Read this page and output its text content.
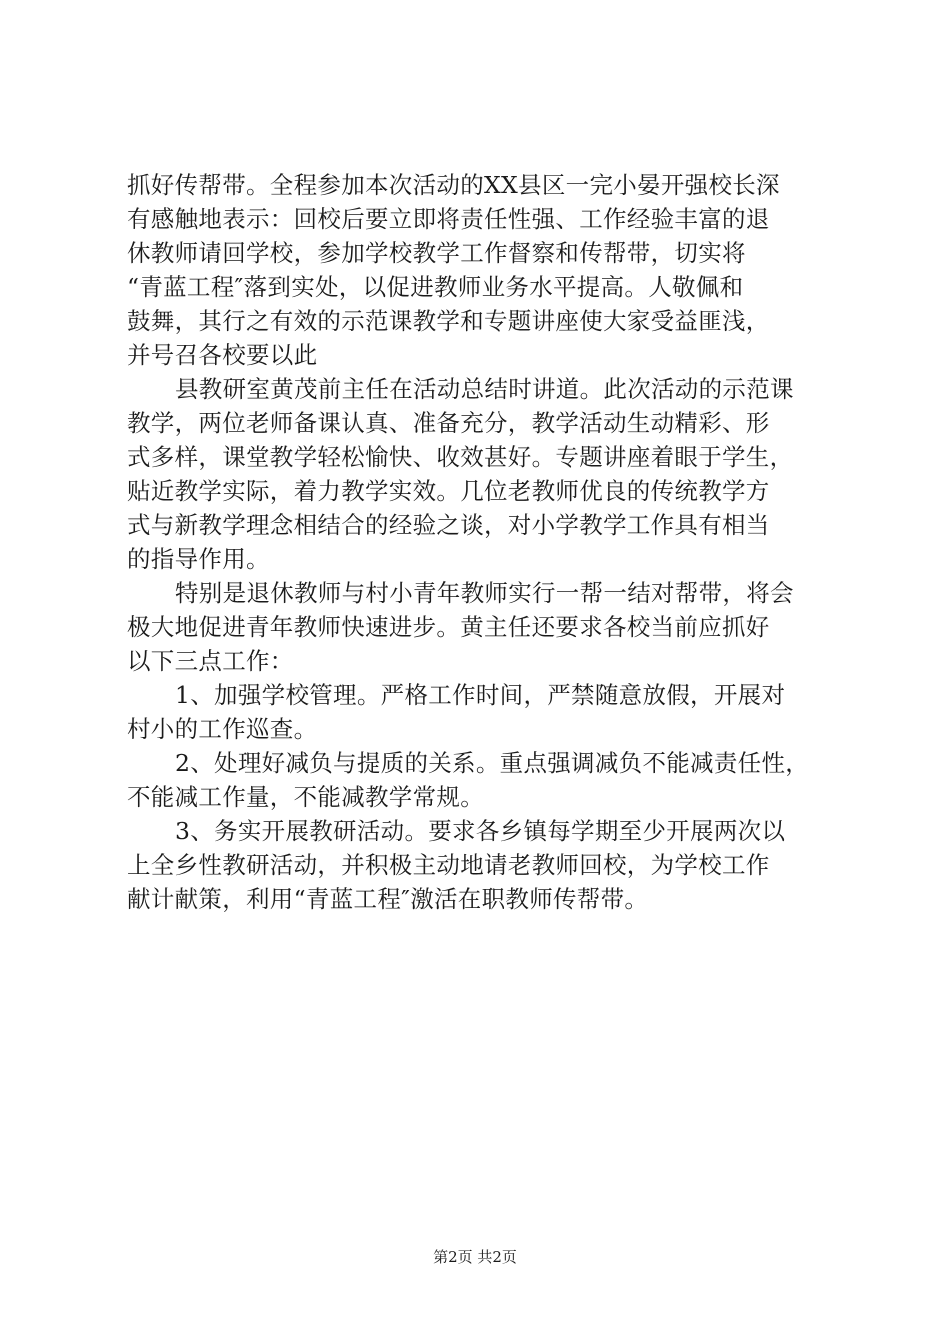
抓好传帮带。全程参加本次活动的XX县区一完小晏开强校长深
有感触地表示：回校后要立即将责任性强、工作经验丰富的退
休教师请回学校，参加学校教学工作督察和传帮带，切实将
“青蓝工程″落到实处，以促进教师业务水平提高。人敬佩和
鼓舞，其行之有效的示范课教学和专题讲座使大家受益匪浅，
并号召各校要以此
县教研室黄茂前主任在活动总结时讲道。此次活动的示范课
教学，两位老师备课认真、准备充分，教学活动生动精彩、形
式多样，课堂教学轻松愉快、收效甚好。专题讲座着眼于学生，
贴近教学实际，着力教学实效。几位老教师优良的传统教学方
式与新教学理念相结合的经验之谈，对小学教学工作具有相当
的指导作用。
特别是退休教师与村小青年教师实行一帮一结对帮带，将会
极大地促进青年教师快速进步。黄主任还要求各校当前应抓好
以下三点工作：
1、加强学校管理。严格工作时间，严禁随意放假，开展对
村小的工作巡查。
2、处理好减负与提质的关系。重点强调减负不能减责任性，
不能减工作量，不能减教学常规。
3、务实开展教研活动。要求各乡镇每学期至少开展两次以
上全乡性教研活动，并积极主动地请老教师回校，为学校工作
献计献策，利用“青蓝工程″激活在职教师传帮带。
第2页 共2页
